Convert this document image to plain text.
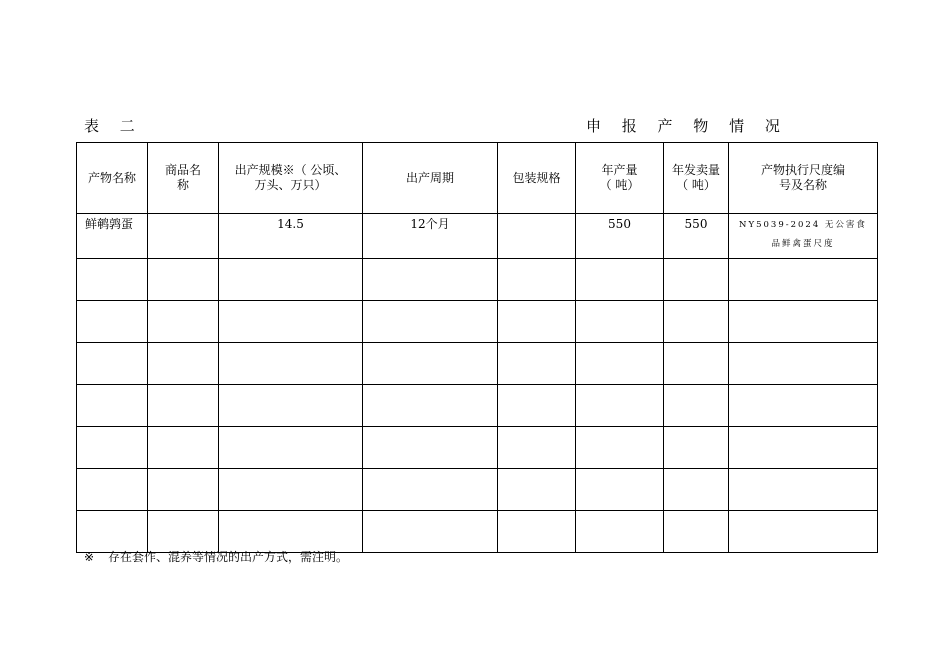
表 二	申 报 产 物 情 况
产物名称	商品名称	出产规模※（ 公顷、万头、万只）	出产周期	包装规格	年产量（ 吨）	年发卖量（ 吨）	产物执行尺度编号及名称
鲜鹌鹑蛋		14.5	12个月		550	550	NY5039-2024 无公害食品鲜禽蛋尺度

※ 存在套作、混养等情况的出产方式，需注明。
